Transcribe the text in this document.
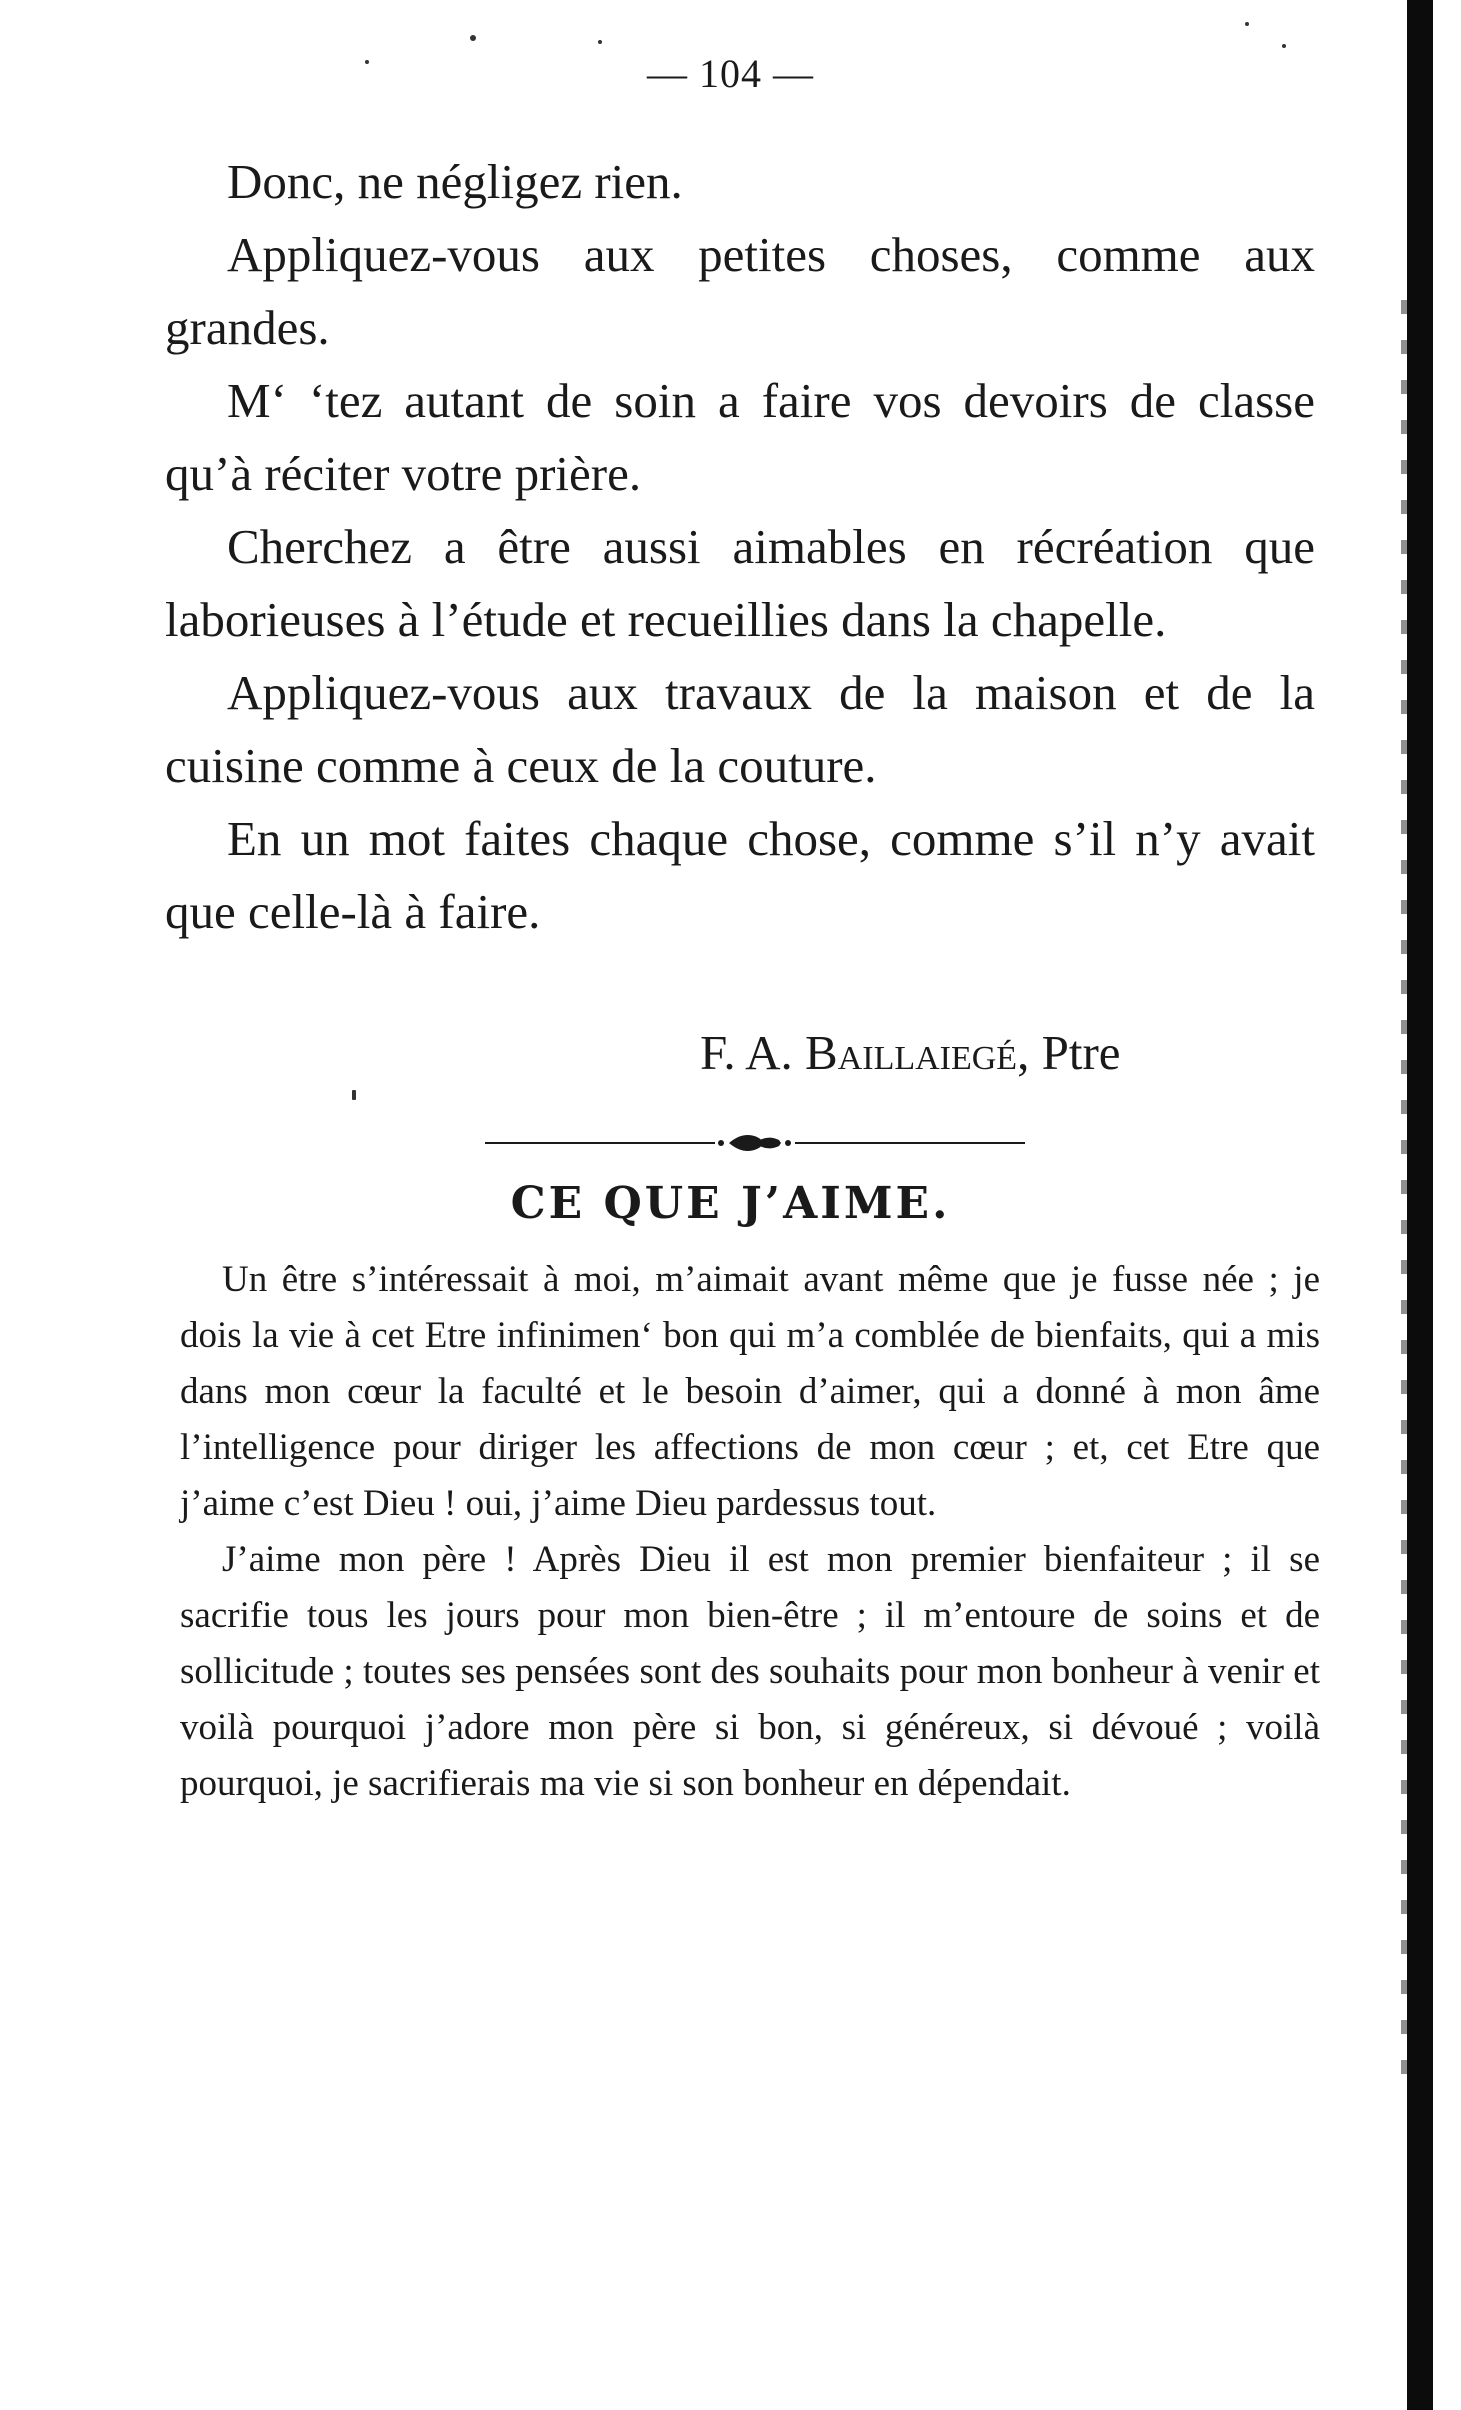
— 104 —

Donc, ne négligez rien.

Appliquez-vous aux petites choses, comme aux grandes.

M‘ ‘tez autant de soin a faire vos devoirs de classe qu’à réciter votre prière.

Cherchez a être aussi aimables en récréation que laborieuses à l’étude et recueillies dans la chapelle.

Appliquez-vous aux travaux de la maison et de la cuisine comme à ceux de la couture.

En un mot faites chaque chose, comme s’il n’y avait que celle-là à faire.

F. A. Baillaiegé, Ptre
CE QUE J’AIME.

Un être s’intéressait à moi, m’aimait avant même que je fusse née ; je dois la vie à cet Etre infinimen‘ bon qui m’a comblée de bienfaits, qui a mis dans mon cœur la faculté et le besoin d’aimer, qui a donné à mon âme l’intelligence pour diriger les affections de mon cœur ; et, cet Etre que j’aime c’est Dieu ! oui, j’aime Dieu pardessus tout.

J’aime mon père ! Après Dieu il est mon premier bienfaiteur ; il se sacrifie tous les jours pour mon bien-être ; il m’entoure de soins et de sollicitude ; toutes ses pensées sont des souhaits pour mon bonheur à venir et voilà pourquoi j’adore mon père si bon, si généreux, si dévoué ; voilà pourquoi, je sacrifierais ma vie si son bonheur en dépendait.
